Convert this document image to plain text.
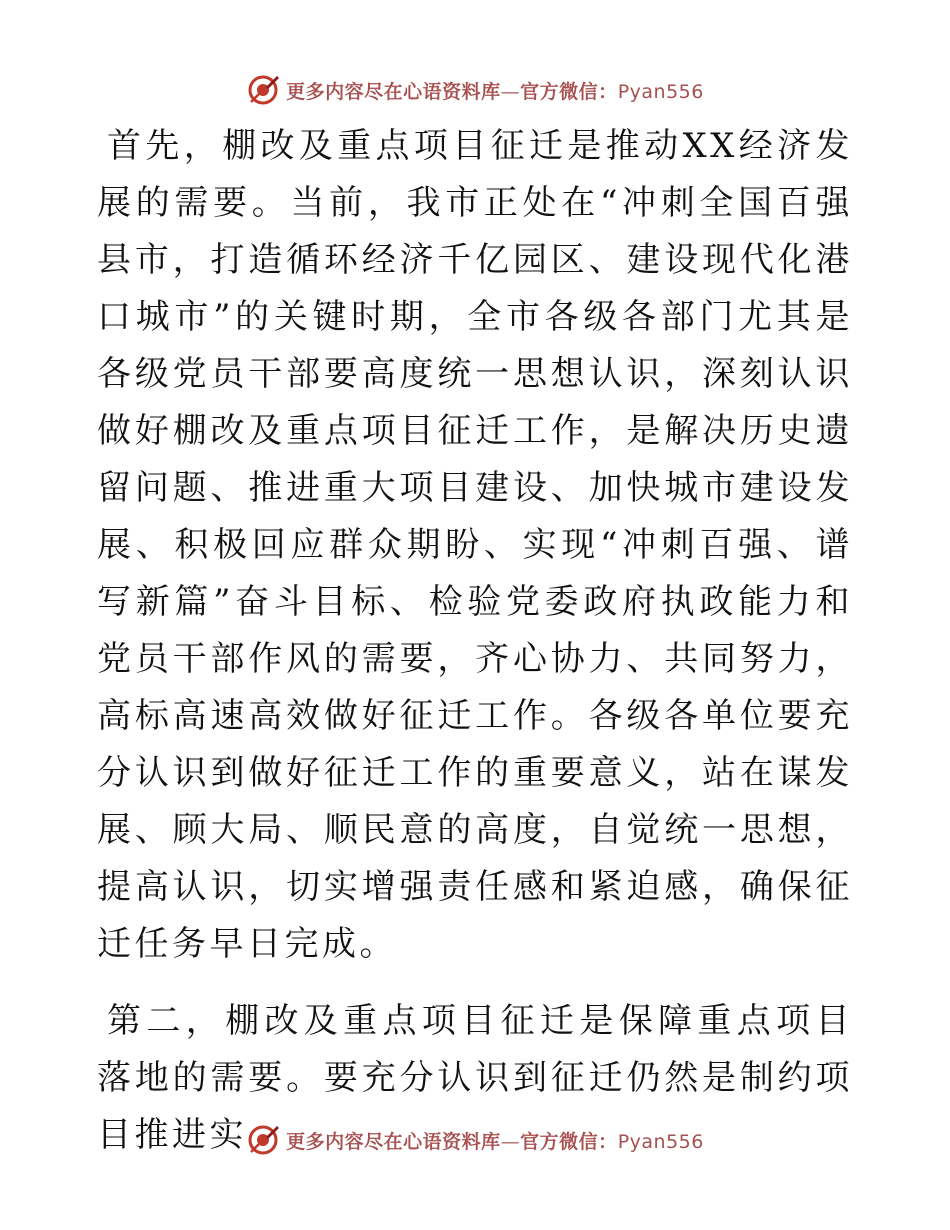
更多内容尽在心语资料库—官方微信：Pyan556

首先，棚改及重点项目征迁是推动XX经济发展的需要。当前，我市正处在“冲刺全国百强县市，打造循环经济千亿园区、建设现代化港口城市”的关键时期，全市各级各部门尤其是各级党员干部要高度统一思想认识，深刻认识做好棚改及重点项目征迁工作，是解决历史遗留问题、推进重大项目建设、加快城市建设发展、积极回应群众期盼、实现“冲刺百强、谱写新篇”奋斗目标、检验党委政府执政能力和党员干部作风的需要，齐心协力、共同努力，高标高速高效做好征迁工作。各级各单位要充分认识到做好征迁工作的重要意义，站在谋发展、顾大局、顺民意的高度，自觉统一思想，提高认识，切实增强责任感和紧迫感，确保征迁任务早日完成。

第二，棚改及重点项目征迁是保障重点项目落地的需要。要充分认识到征迁仍然是制约项目推进实	更多内容尽在心语资料库—官方微信：Pyan556
